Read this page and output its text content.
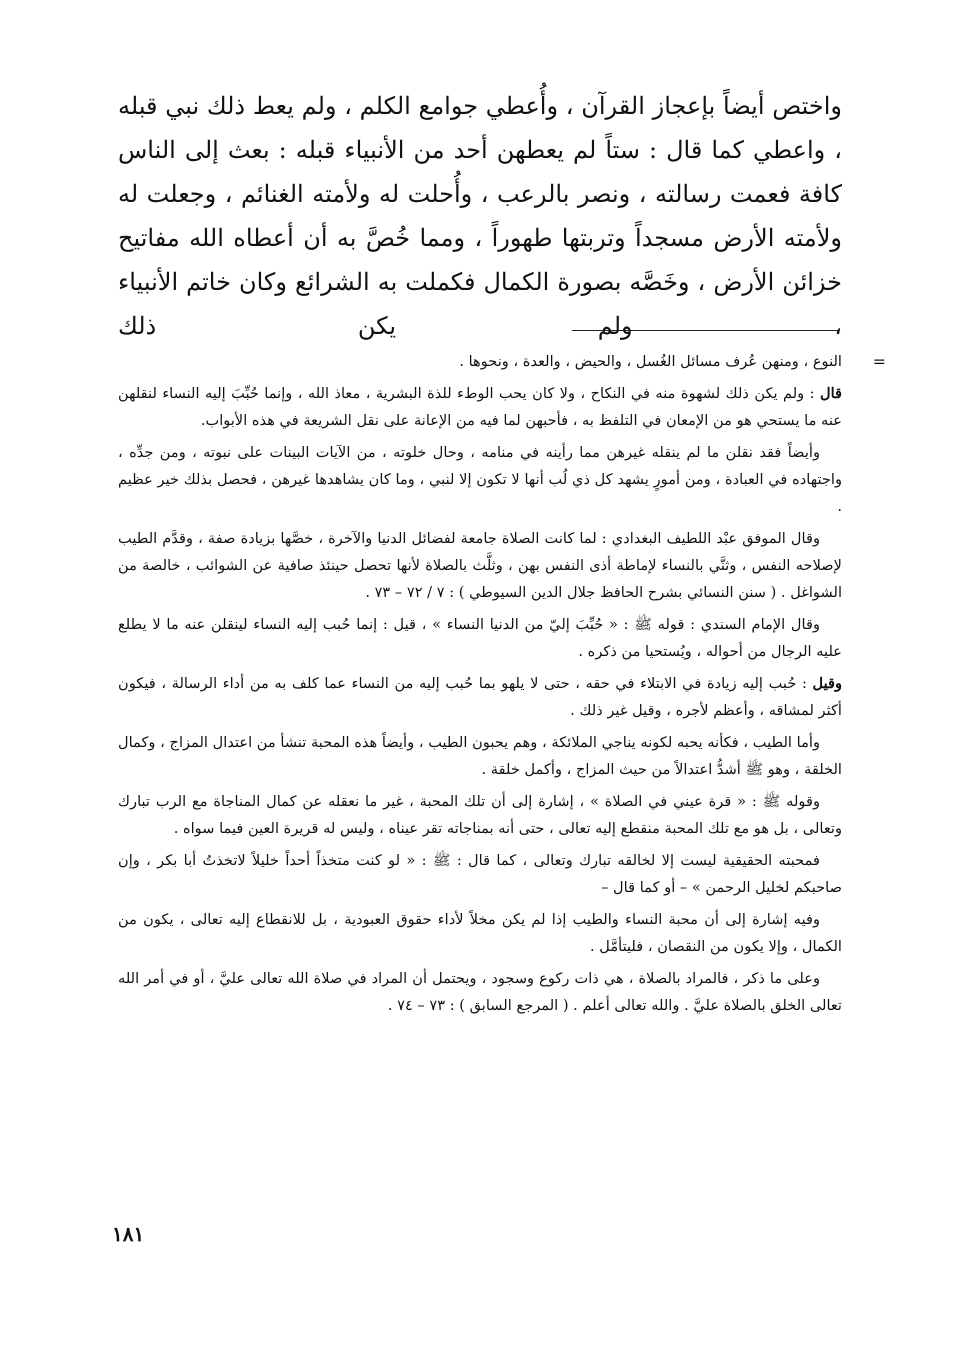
واختص أيضاً بإعجاز القرآن ، وأُعطي جوامع الكلم ، ولم يعط ذلك نبي قبله ، واعطي كما قال : ستاً لم يعطهن أحد من الأنبياء قبله : بعث إلى الناس كافة فعمت رسالته ، ونصر بالرعب ، وأُحلت له ولأمته الغنائم ، وجعلت له ولأمته الأرض مسجداً وتربتها طهوراً ، ومما خُصَّ به أن أعطاه الله مفاتيح خزائن الأرض ، وخَصَّه بصورة الكمال فكملت به الشرائع وكان خاتم الأنبياء ، ولم يكن ذلك

=
النوع ، ومنهن عُرف مسائل الغُسل ، والحيض ، والعدة ، ونحوها .

قال : ولم يكن ذلك لشهوة منه في النكاح ، ولا كان يحب الوطء للذة البشرية ، معاذ الله ، وإنما حُبِّبَ إليه النساء لنقلهن عنه ما يستحي هو من الإمعان في التلفظ به ، فأحبهن لما فيه من الإعانة على نقل الشريعة في هذه الأبواب.

وأيضاً فقد نقلن ما لم ينقله غيرهن مما رأينه في منامه ، وحال خلوته ، من الآيات البينات على نبوته ، ومن جدِّه ، واجتهاده في العبادة ، ومن أمورٍ يشهد كل ذي لُب أنها لا تكون إلا لنبي ، وما كان يشاهدها غيرهن ، فحصل بذلك خير عظيم .

وقال الموفق عبْد اللطيف البغدادي : لما كانت الصلاة جامعة لفضائل الدنيا والآخرة ، خصَّها بزيادة صفة ، وقدَّم الطيب لإصلاحه النفس ، وثنَّي بالنساء لإماطة أذى النفس بهن ، وثلَّث بالصلاة لأنها تحصل حينئذ صافية عن الشوائب ، خالصة من الشواغل . ( سنن النسائي بشرح الحافظ جلال الدين السيوطي ) : ٧ / ٧٢ – ٧٣ .

وقال الإمام السندي : قوله ﷺ : « حُبِّبَ إليّ من الدنيا النساء » ، قيل : إنما حُبب إليه النساء لينقلن عنه ما لا يطلع عليه الرجال من أحواله ، ويُستحيا من ذكره .

وقيل : حُبب إليه زيادة في الابتلاء في حقه ، حتى لا يلهو بما حُبب إليه من النساء عما كلف به من أداء الرسالة ، فيكون أكثر لمشاقه ، وأعظم لأجره ، وقيل غير ذلك .

وأما الطيب ، فكأنه يحبه لكونه يناجي الملائكة ، وهم يحبون الطيب ، وأيضاً هذه المحبة تنشأ من اعتدال المزاج ، وكمال الخلقة ، وهو ﷺ أشدُّ اعتدالاً من حيث المزاج ، وأكمل خلقة .

وقوله ﷺ : « قرة عيني في الصلاة » ، إشارة إلى أن تلك المحبة ، غير ما نعقله عن كمال المناجاة مع الرب تبارك وتعالى ، بل هو مع تلك المحبة منقطع إليه تعالى ، حتى أنه بمناجاته تقر عيناه ، وليس له قريرة العين فيما سواه .

فمحبته الحقيقية ليست إلا لخالقه تبارك وتعالى ، كما قال : ﷺ : « لو كنت متخذاً أحداً خليلاً لاتخذتُ أبا بكر ، وإن صاحبكم لخليل الرحمن » – أو كما قال –

وفيه إشارة إلى أن محبة النساء والطيب إذا لم يكن مخلاً لأداء حقوق العبودية ، بل للانقطاع إليه تعالى ، يكون من الكمال ، وإلا يكون من النقصان ، فليتأمَّل .

وعلى ما ذكر ، فالمراد بالصلاة ، هي ذات ركوع وسجود ، ويحتمل أن المراد في صلاة الله تعالى عليَّ ، أو في أمر الله تعالى الخلق بالصلاة عليَّ . والله تعالى أعلم . ( المرجع السابق ) : ٧٣ – ٧٤ .

١٨١
